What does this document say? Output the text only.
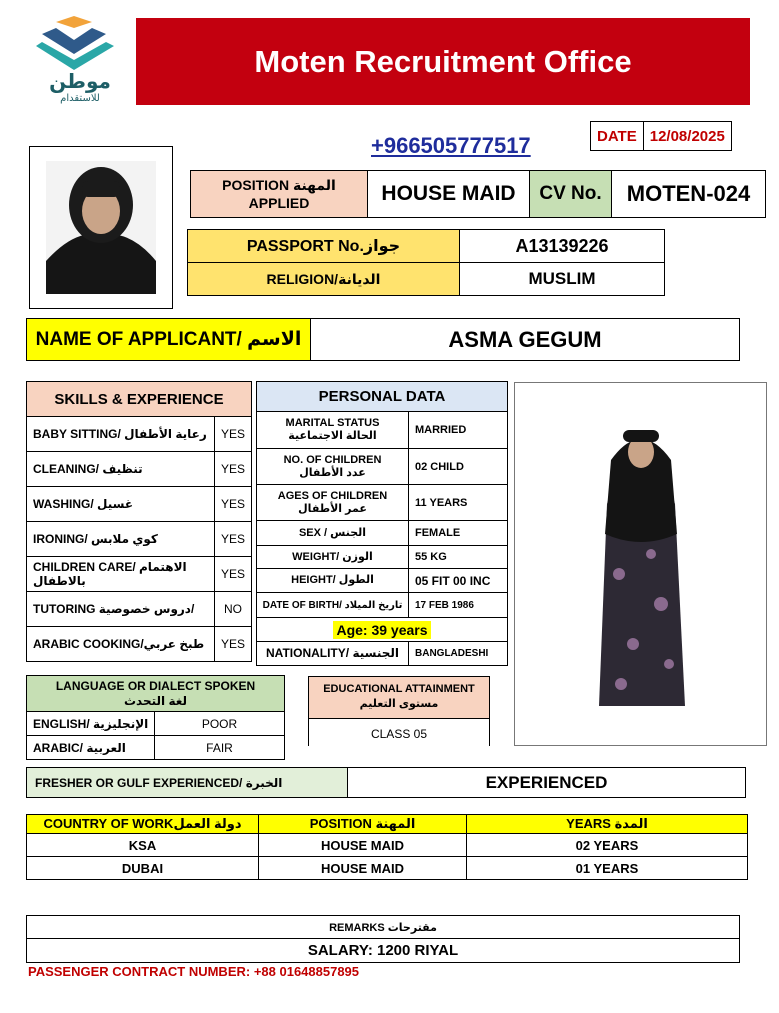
موطن
للاستقدام
Moten Recruitment Office
DATE	12/08/2025
+966505777517
POSITION المهنة
APPLIED	HOUSE MAID	CV No.	MOTEN-024
PASSPORT No.جواز	A13139226
RELIGION/الديانة	MUSLIM
NAME OF APPLICANT/ الاسم	ASMA GEGUM
SKILLS & EXPERIENCE	
BABY SITTING/ رعاية الأطفال	YES
CLEANING/ تنظيف	YES
WASHING/ غسيل	YES
IRONING/ كوي ملابس	YES
CHILDREN CARE/ الاهتمام بالاطفال	YES
TUTORING دروس خصوصية/	NO
ARABIC COOKING/طبخ عربي	YES
PERSONAL DATA	
MARITAL STATUS
الحالة الاجتماعية	MARRIED
NO. OF CHILDREN
عدد الأطفال	02 CHILD
AGES OF CHILDREN
عمر الأطفال	11 YEARS
SEX / الجنس	FEMALE
WEIGHT/ الوزن	55 KG
HEIGHT/ الطول	05 FIT 00 INC
DATE OF BIRTH/ تاريخ الميلاد	17 FEB 1986
Age: 39 years	
NATIONALITY/ الجنسية	BANGLADESHI
LANGUAGE OR DIALECT SPOKEN
لغة التحدث	
ENGLISH/ الإنجليزية	POOR
ARABIC/ العربية	FAIR
EDUCATIONAL ATTAINMENT
مستوى التعليم
CLASS 05
FRESHER OR GULF EXPERIENCED/ الخبرة	EXPERIENCED
COUNTRY OF WORKدولة العمل	POSITION المهنة	YEARS المدة
KSA	HOUSE MAID	02 YEARS
DUBAI	HOUSE MAID	01 YEARS
REMARKS مقترحات
SALARY: 1200 RIYAL
PASSENGER CONTRACT NUMBER: +88 01648857895
